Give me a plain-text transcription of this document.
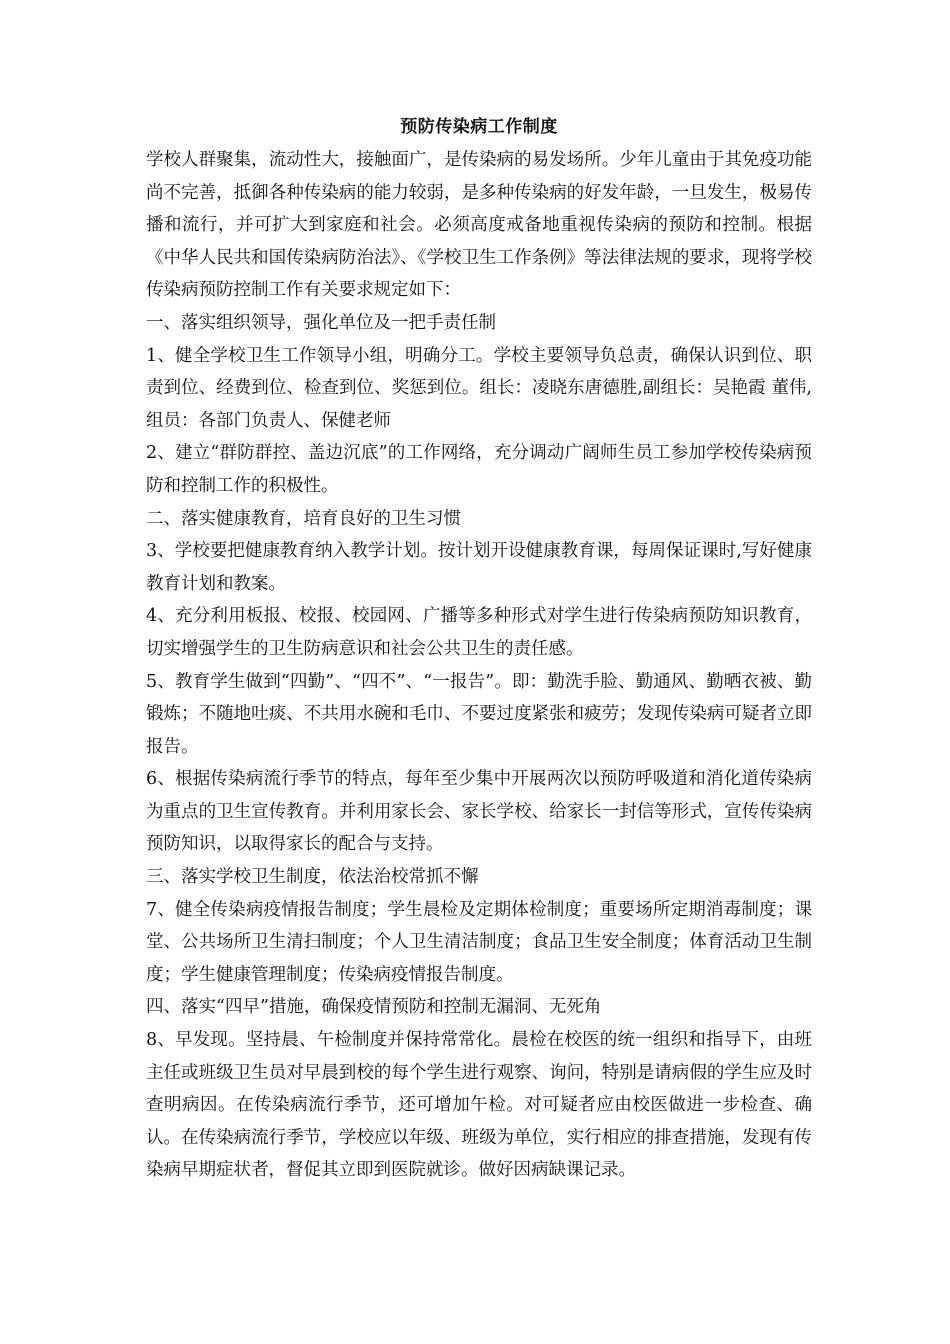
预防传染病工作制度

学校人群聚集，流动性大，接触面广，是传染病的易发场所。少年儿童由于其免疫功能尚不完善，抵御各种传染病的能力较弱，是多种传染病的好发年龄，一旦发生，极易传播和流行，并可扩大到家庭和社会。必须高度戒备地重视传染病的预防和控制。根据《中华人民共和国传染病防治法》、《学校卫生工作条例》等法律法规的要求，现将学校传染病预防控制工作有关要求规定如下：

一、落实组织领导，强化单位及一把手责任制

1、健全学校卫生工作领导小组，明确分工。学校主要领导负总责，确保认识到位、职责到位、经费到位、检查到位、奖惩到位。组长：凌晓东唐德胜,副组长：吴艳霞 董伟,组员：各部门负责人、保健老师

2、建立“群防群控、盖边沉底”的工作网络，充分调动广阔师生员工参加学校传染病预防和控制工作的积极性。

二、落实健康教育，培育良好的卫生习惯

3、学校要把健康教育纳入教学计划。按计划开设健康教育课，每周保证课时,写好健康教育计划和教案。

4、充分利用板报、校报、校园网、广播等多种形式对学生进行传染病预防知识教育，切实增强学生的卫生防病意识和社会公共卫生的责任感。

5、教育学生做到“四勤”、“四不”、“一报告”。即：勤洗手脸、勤通风、勤晒衣被、勤锻炼；不随地吐痰、不共用水碗和毛巾、不要过度紧张和疲劳；发现传染病可疑者立即报告。

6、根据传染病流行季节的特点，每年至少集中开展两次以预防呼吸道和消化道传染病为重点的卫生宣传教育。并利用家长会、家长学校、给家长一封信等形式，宣传传染病预防知识，以取得家长的配合与支持。

三、落实学校卫生制度，依法治校常抓不懈

7、健全传染病疫情报告制度；学生晨检及定期体检制度；重要场所定期消毒制度；课堂、公共场所卫生清扫制度；个人卫生清洁制度；食品卫生安全制度；体育活动卫生制度；学生健康管理制度；传染病疫情报告制度。

四、落实“四早”措施，确保疫情预防和控制无漏洞、无死角

8、早发现。坚持晨、午检制度并保持常常化。晨检在校医的统一组织和指导下，由班主任或班级卫生员对早晨到校的每个学生进行观察、询问，特别是请病假的学生应及时查明病因。在传染病流行季节，还可增加午检。对可疑者应由校医做进一步检查、确认。在传染病流行季节，学校应以年级、班级为单位，实行相应的排查措施，发现有传染病早期症状者，督促其立即到医院就诊。做好因病缺课记录。
